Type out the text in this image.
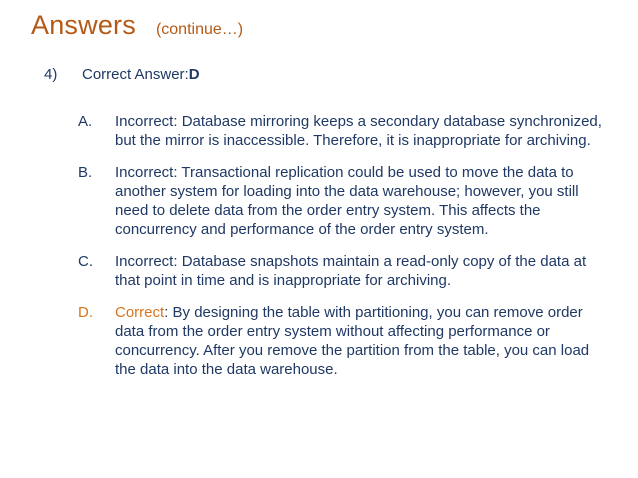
Answers (continue…)
4)	Correct Answer: D
A.	Incorrect: Database mirroring keeps a secondary database synchronized, but the mirror is inaccessible. Therefore, it is inappropriate for archiving.
B.	Incorrect: Transactional replication could be used to move the data to another system for loading into the data warehouse; however, you still need to delete data from the order entry system. This affects the concurrency and performance of the order entry system.
C.	Incorrect: Database snapshots maintain a read-only copy of the data at that point in time and is inappropriate for archiving.
D.	Correct: By designing the table with partitioning, you can remove order data from the order entry system without affecting performance or concurrency. After you remove the partition from the table, you can load the data into the data warehouse.
